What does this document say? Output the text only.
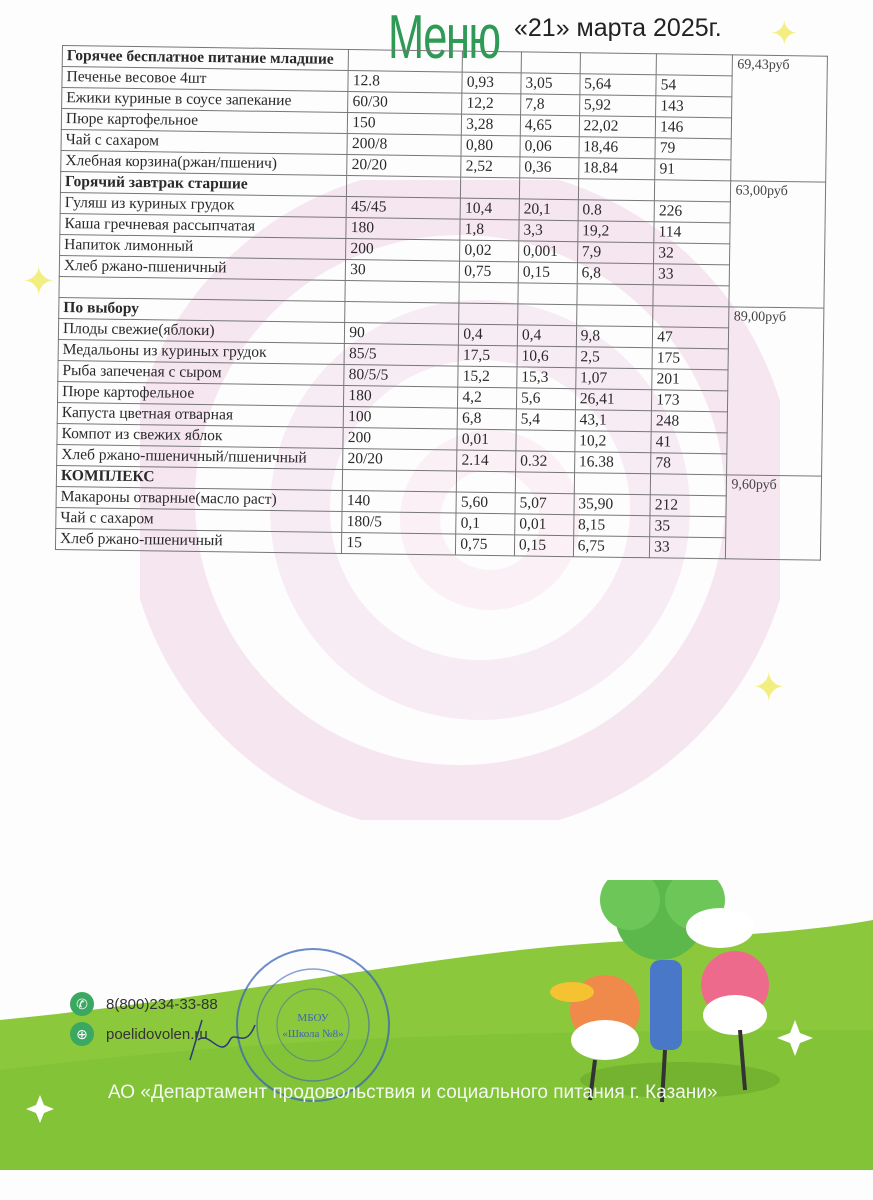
Меню «21» марта 2025г. ✦
✦
✦
Горячее бесплатное питание младшие						69,43руб
Печенье весовое 4шт	12.8	0,93	3,05	5,64	54	
Ежики куриные в соусе запекание	60/30	12,2	7,8	5,92	143	
Пюре картофельное	150	3,28	4,65	22,02	146	
Чай с сахаром	200/8	0,80	0,06	18,46	79	
Хлебная корзина(ржан/пшенич)	20/20	2,52	0,36	18.84	91	
Горячий завтрак старшие						63,00руб
Гуляш из куриных грудок	45/45	10,4	20,1	0.8	226	
Каша гречневая рассыпчатая	180	1,8	3,3	19,2	114	
Напиток лимонный	200	0,02	0,001	7,9	32	
Хлеб ржано-пшеничный	30	0,75	0,15	6,8	33	

По выбору						89,00руб
Плоды свежие(яблоки)	90	0,4	0,4	9,8	47	
Медальоны из куриных грудок	85/5	17,5	10,6	2,5	175	
Рыба запеченая с сыром	80/5/5	15,2	15,3	1,07	201	
Пюре картофельное	180	4,2	5,6	26,41	173	
Капуста цветная отварная	100	6,8	5,4	43,1	248	
Компот из свежих яблок	200	0,01		10,2	41	
Хлеб ржано-пшеничный/пшеничный	20/20	2.14	0.32	16.38	78	
КОМПЛЕКС						9,60руб
Макароны отварные(масло раст)	140	5,60	5,07	35,90	212	
Чай с сахаром	180/5	0,1	0,01	8,15	35	
Хлеб ржано-пшеничный	15	0,75	0,15	6,75	33	
✆	8(800)234-33-88
⊕	poelidovolen.ru
МБОУ
«Школа №8»
АО «Департамент продовольствия и социального питания г. Казани»
